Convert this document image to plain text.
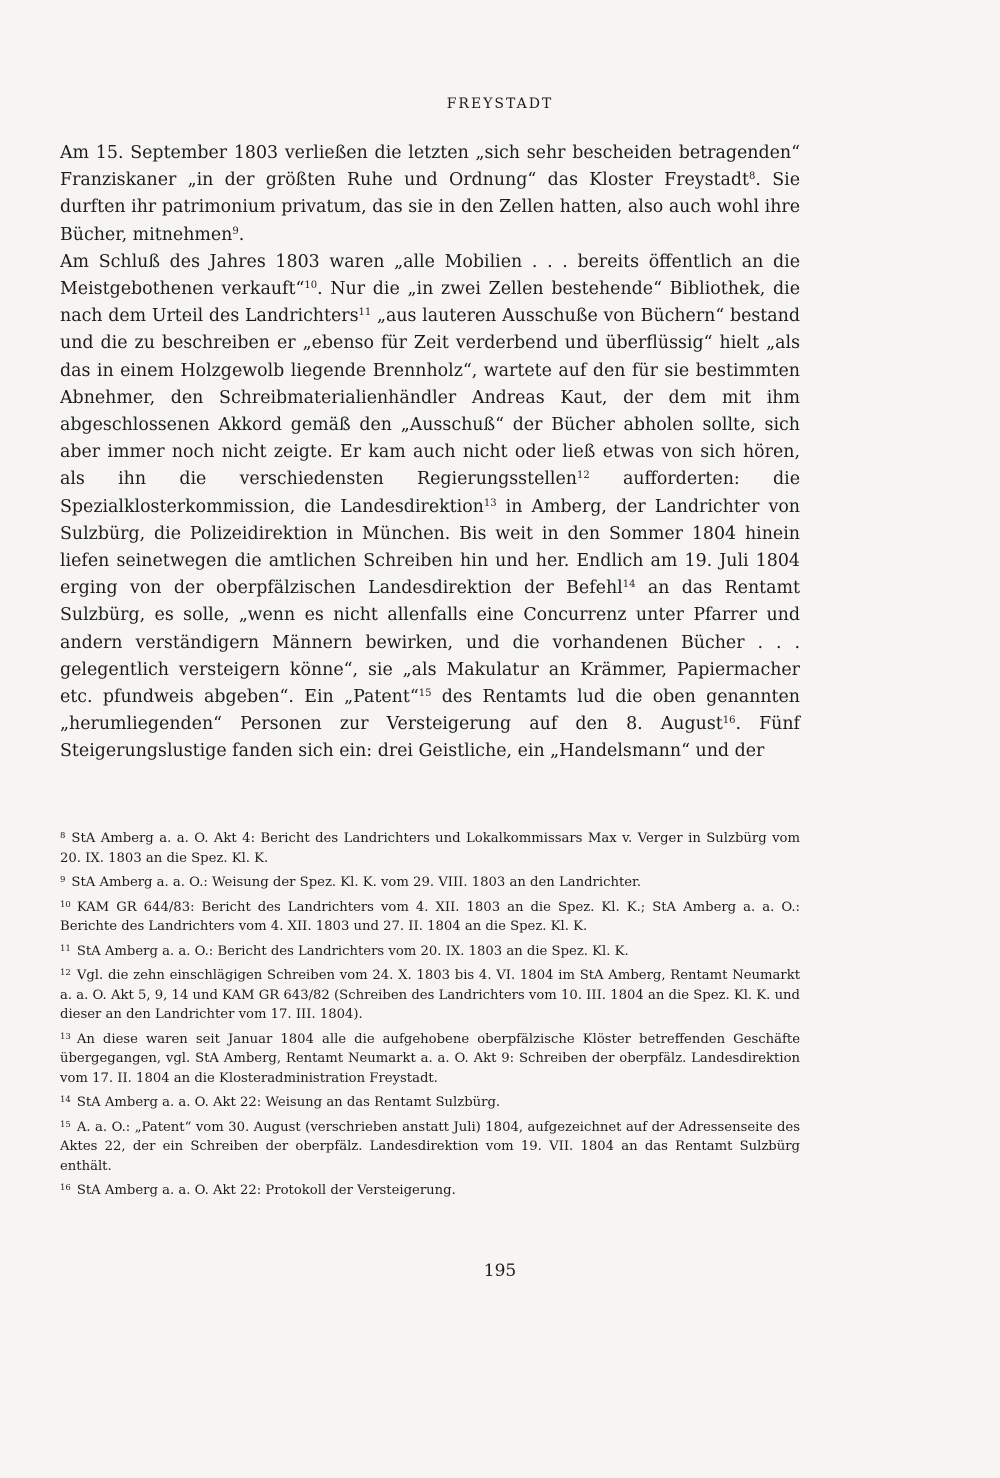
FREYSTADT

Am 15. September 1803 verließen die letzten „sich sehr bescheiden betragenden“ Franziskaner „in der größten Ruhe und Ordnung“ das Kloster Freystadt$^8$. Sie durften ihr patrimonium privatum, das sie in den Zellen hatten, also auch wohl ihre Bücher, mitnehmen$^9$.

Am Schluß des Jahres 1803 waren „alle Mobilien . . . bereits öffentlich an die Meistgebothenen verkauft“$^{10}$. Nur die „in zwei Zellen bestehende“ Bibliothek, die nach dem Urteil des Landrichters$^{11}$ „aus lauteren Ausschuße von Büchern“ bestand und die zu beschreiben er „ebenso für Zeit verderbend und überflüssig“ hielt „als das in einem Holzgewolb liegende Brennholz“, wartete auf den für sie bestimmten Abnehmer, den Schreibmaterialienhändler Andreas Kaut, der dem mit ihm abgeschlossenen Akkord gemäß den „Ausschuß“ der Bücher abholen sollte, sich aber immer noch nicht zeigte. Er kam auch nicht oder ließ etwas von sich hören, als ihn die verschiedensten Regierungsstellen$^{12}$ aufforderten: die Spezialklosterkommission, die Landesdirektion$^{13}$ in Amberg, der Landrichter von Sulzbürg, die Polizeidirektion in München. Bis weit in den Sommer 1804 hinein liefen seinetwegen die amtlichen Schreiben hin und her. Endlich am 19. Juli 1804 erging von der oberpfälzischen Landesdirektion der Befehl$^{14}$ an das Rentamt Sulzbürg, es solle, „wenn es nicht allenfalls eine Concurrenz unter Pfarrer und andern verständigern Männern bewirken, und die vorhandenen Bücher . . . gelegentlich versteigern könne“, sie „als Makulatur an Krämmer, Papiermacher etc. pfundweis abgeben“. Ein „Patent“$^{15}$ des Rentamts lud die oben genannten „herumliegenden“ Personen zur Versteigerung auf den 8. August$^{16}$. Fünf Steigerungslustige fanden sich ein: drei Geistliche, ein „Handelsmann“ und der

$^8$ StA Amberg a. a. O. Akt 4: Bericht des Landrichters und Lokalkommissars Max v. Verger in Sulzbürg vom 20. IX. 1803 an die Spez. Kl. K.

$^9$ StA Amberg a. a. O.: Weisung der Spez. Kl. K. vom 29. VIII. 1803 an den Landrichter.

$^{10}$ KAM GR 644/83: Bericht des Landrichters vom 4. XII. 1803 an die Spez. Kl. K.; StA Amberg a. a. O.: Berichte des Landrichters vom 4. XII. 1803 und 27. II. 1804 an die Spez. Kl. K.

$^{11}$ StA Amberg a. a. O.: Bericht des Landrichters vom 20. IX. 1803 an die Spez. Kl. K.

$^{12}$ Vgl. die zehn einschlägigen Schreiben vom 24. X. 1803 bis 4. VI. 1804 im StA Amberg, Rentamt Neumarkt a. a. O. Akt 5, 9, 14 und KAM GR 643/82 (Schreiben des Landrichters vom 10. III. 1804 an die Spez. Kl. K. und dieser an den Landrichter vom 17. III. 1804).

$^{13}$ An diese waren seit Januar 1804 alle die aufgehobene oberpfälzische Klöster betreffenden Geschäfte übergegangen, vgl. StA Amberg, Rentamt Neumarkt a. a. O. Akt 9: Schreiben der oberpfälz. Landesdirektion vom 17. II. 1804 an die Klosteradministration Freystadt.

$^{14}$ StA Amberg a. a. O. Akt 22: Weisung an das Rentamt Sulzbürg.

$^{15}$ A. a. O.: „Patent“ vom 30. August (verschrieben anstatt Juli) 1804, aufgezeichnet auf der Adressenseite des Aktes 22, der ein Schreiben der oberpfälz. Landesdirektion vom 19. VII. 1804 an das Rentamt Sulzbürg enthält.

$^{16}$ StA Amberg a. a. O. Akt 22: Protokoll der Versteigerung.

195
